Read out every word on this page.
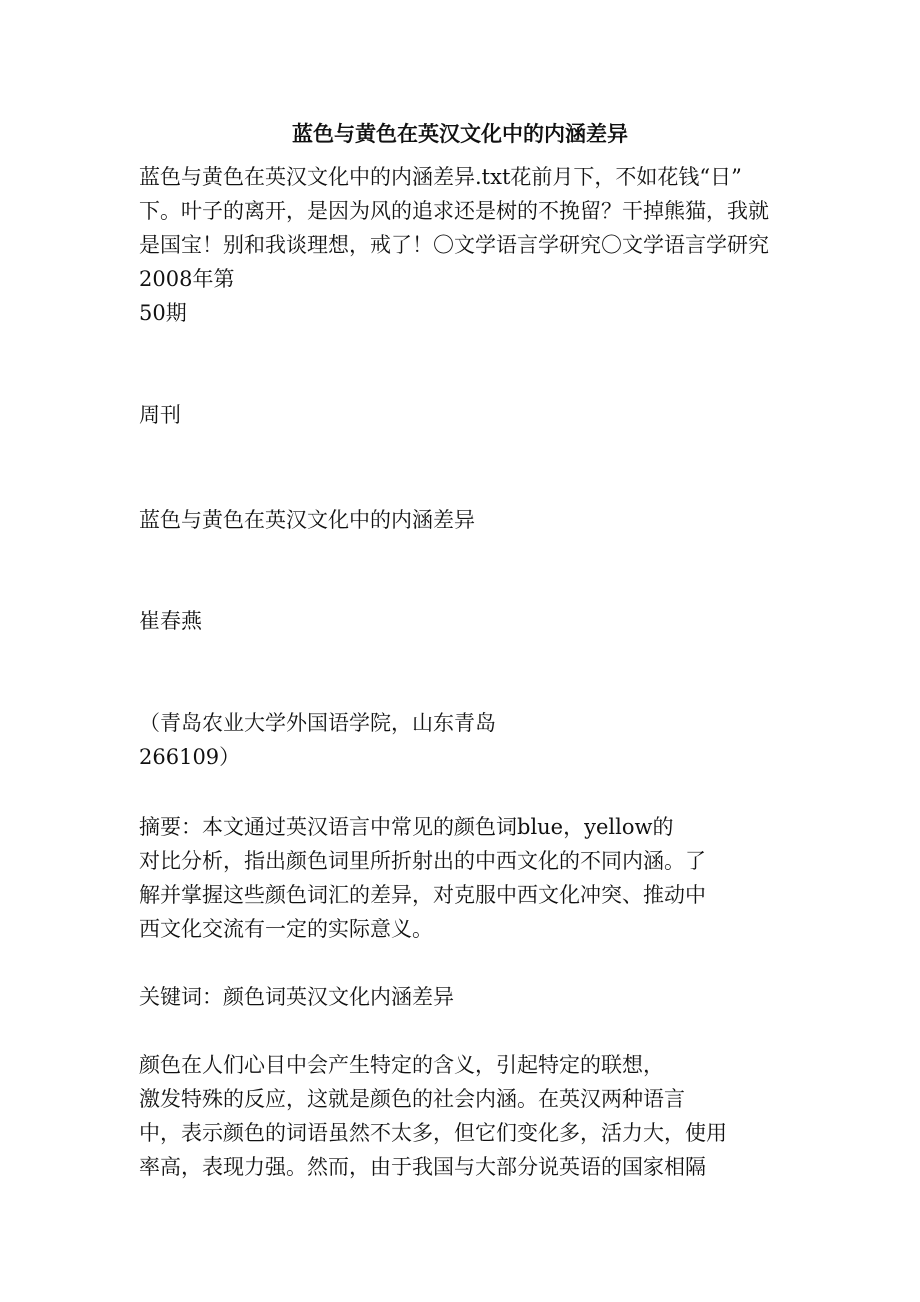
蓝色与黄色在英汉文化中的内涵差异
蓝色与黄色在英汉文化中的内涵差异.txt花前月下，不如花钱“日”
下。叶子的离开，是因为风的追求还是树的不挽留？干掉熊猫，我就
是国宝！别和我谈理想，戒了！〇文学语言学研究〇文学语言学研究
2008年第
50期
周刊
蓝色与黄色在英汉文化中的内涵差异
崔春燕
（青岛农业大学外国语学院，山东青岛
266109）
摘要：本文通过英汉语言中常见的颜色词blue，yellow的
对比分析，指出颜色词里所折射出的中西文化的不同内涵。了
解并掌握这些颜色词汇的差异，对克服中西文化冲突、推动中
西文化交流有一定的实际意义。
关键词：颜色词英汉文化内涵差异
颜色在人们心目中会产生特定的含义，引起特定的联想，
激发特殊的反应，这就是颜色的社会内涵。在英汉两种语言
中，表示颜色的词语虽然不太多，但它们变化多，活力大，使用
率高，表现力强。然而，由于我国与大部分说英语的国家相隔
